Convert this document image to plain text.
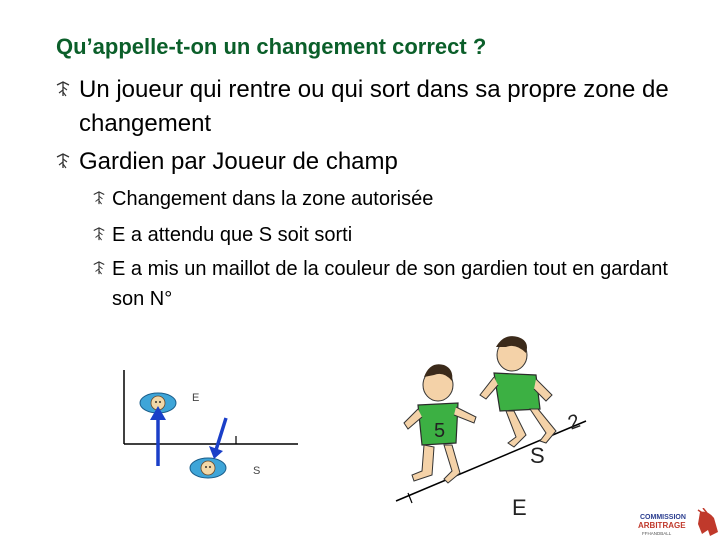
Qu’appelle-t-on un changement correct ?
Un joueur qui rentre ou qui sort dans sa propre zone de changement
Gardien par Joueur de champ
Changement dans la zone autorisée
E a attendu que S soit sorti
E a mis un maillot de la couleur de son gardien tout en gardant son N°
E
S
5	2
S
E	COMMISSION
ARBITRAGE
FFHANDBALL
